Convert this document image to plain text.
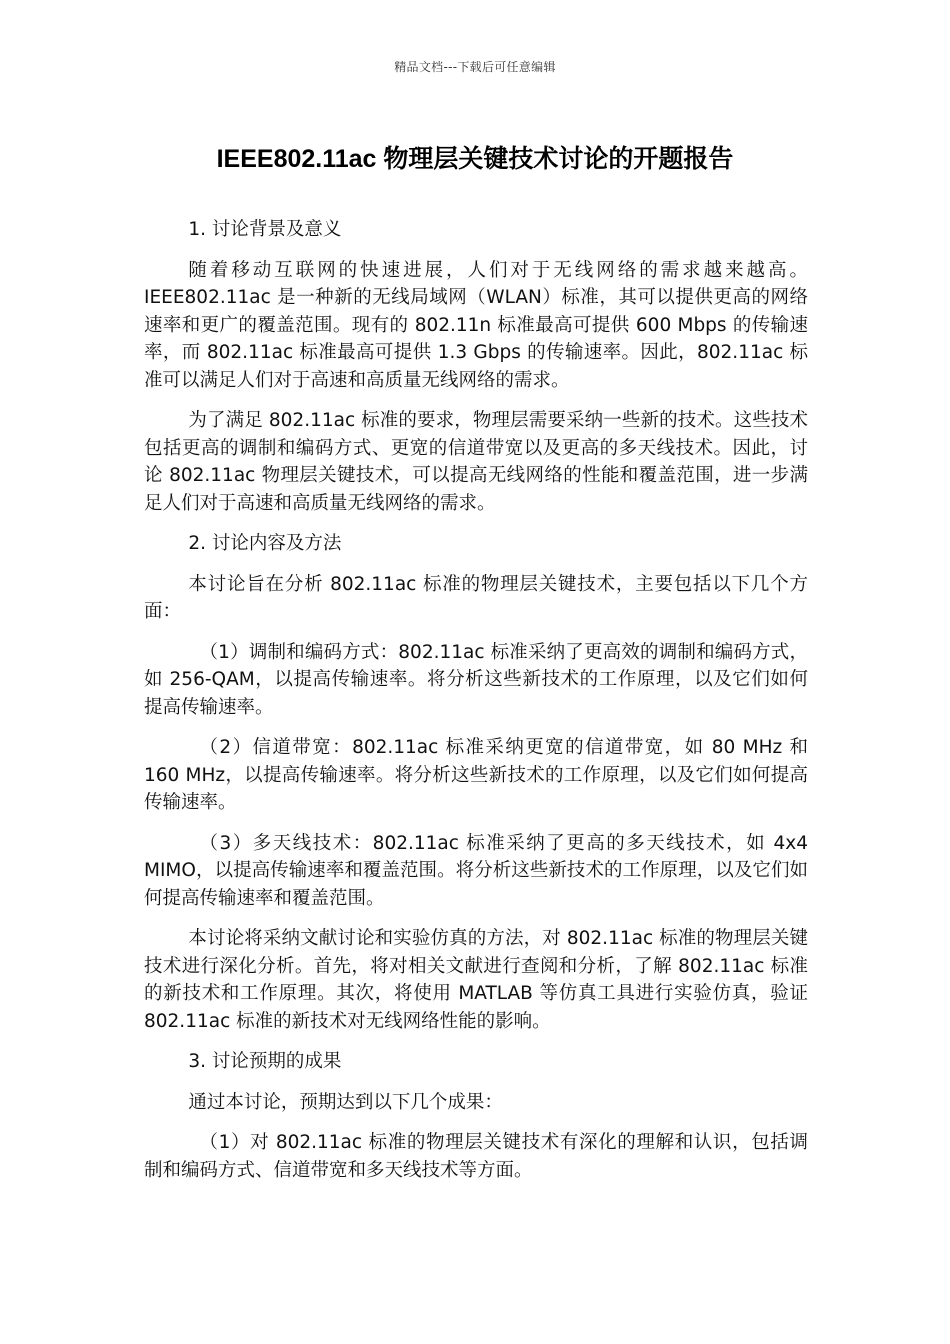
精品文档---下载后可任意编辑
IEEE802.11ac 物理层关键技术讨论的开题报告

1. 讨论背景及意义

随着移动互联网的快速进展，人们对于无线网络的需求越来越高。IEEE802.11ac 是一种新的无线局域网（WLAN）标准，其可以提供更高的网络速率和更广的覆盖范围。现有的 802.11n 标准最高可提供 600 Mbps 的传输速率，而 802.11ac 标准最高可提供 1.3 Gbps 的传输速率。因此，802.11ac 标准可以满足人们对于高速和高质量无线网络的需求。

为了满足 802.11ac 标准的要求，物理层需要采纳一些新的技术。这些技术包括更高的调制和编码方式、更宽的信道带宽以及更高的多天线技术。因此，讨论 802.11ac 物理层关键技术，可以提高无线网络的性能和覆盖范围，进一步满足人们对于高速和高质量无线网络的需求。

2. 讨论内容及方法

本讨论旨在分析 802.11ac 标准的物理层关键技术，主要包括以下几个方面：

（1）调制和编码方式：802.11ac 标准采纳了更高效的调制和编码方式，如 256-QAM，以提高传输速率。将分析这些新技术的工作原理，以及它们如何提高传输速率。

（2）信道带宽：802.11ac 标准采纳更宽的信道带宽，如 80 MHz 和 160 MHz，以提高传输速率。将分析这些新技术的工作原理，以及它们如何提高传输速率。

（3）多天线技术：802.11ac 标准采纳了更高的多天线技术，如 4x4 MIMO，以提高传输速率和覆盖范围。将分析这些新技术的工作原理，以及它们如何提高传输速率和覆盖范围。

本讨论将采纳文献讨论和实验仿真的方法，对 802.11ac 标准的物理层关键技术进行深化分析。首先，将对相关文献进行查阅和分析，了解 802.11ac 标准的新技术和工作原理。其次，将使用 MATLAB 等仿真工具进行实验仿真，验证 802.11ac 标准的新技术对无线网络性能的影响。

3. 讨论预期的成果

通过本讨论，预期达到以下几个成果：

（1）对 802.11ac 标准的物理层关键技术有深化的理解和认识，包括调制和编码方式、信道带宽和多天线技术等方面。
